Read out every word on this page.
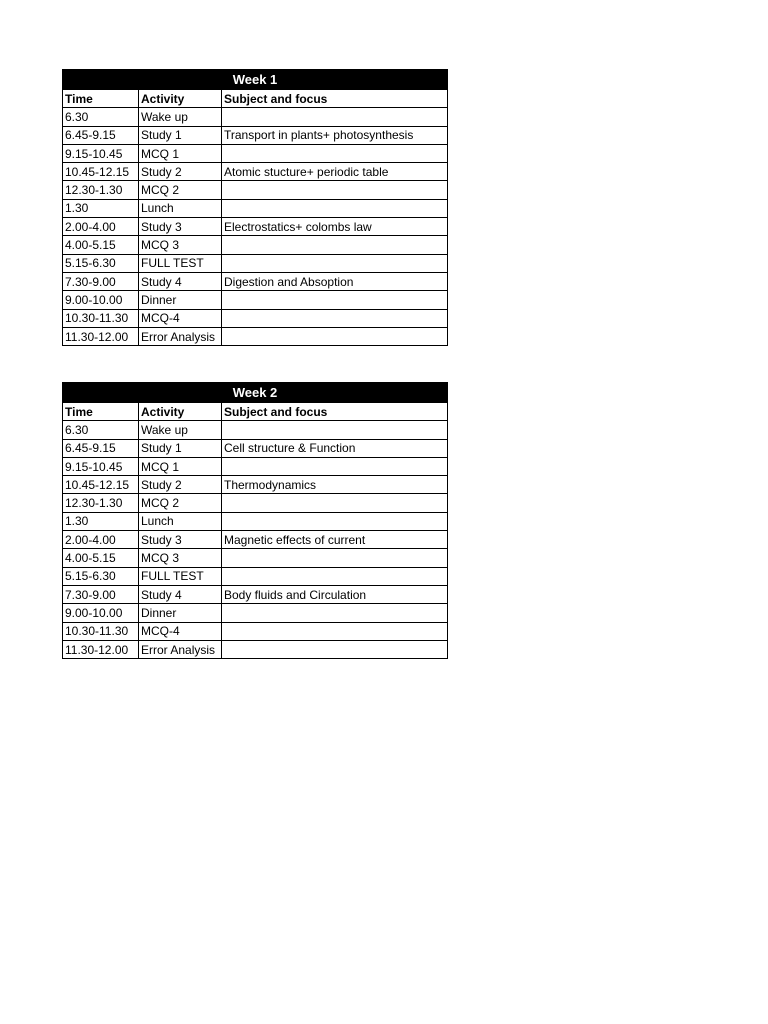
Week 1		
Time	Activity	Subject and focus
6.30	Wake up	
6.45-9.15	Study 1	Transport in plants+ photosynthesis
9.15-10.45	MCQ 1	
10.45-12.15	Study 2	Atomic stucture+ periodic table
12.30-1.30	MCQ 2	
1.30	Lunch	
2.00-4.00	Study 3	Electrostatics+ colombs law
4.00-5.15	MCQ 3	
5.15-6.30	FULL TEST	
7.30-9.00	Study 4	Digestion and Absoption
9.00-10.00	Dinner	
10.30-11.30	MCQ-4	
11.30-12.00	Error Analysis	
Week 2		
Time	Activity	Subject and focus
6.30	Wake up	
6.45-9.15	Study 1	Cell structure & Function
9.15-10.45	MCQ 1	
10.45-12.15	Study 2	Thermodynamics
12.30-1.30	MCQ 2	
1.30	Lunch	
2.00-4.00	Study 3	Magnetic effects of current
4.00-5.15	MCQ 3	
5.15-6.30	FULL TEST	
7.30-9.00	Study 4	Body fluids and Circulation
9.00-10.00	Dinner	
10.30-11.30	MCQ-4	
11.30-12.00	Error Analysis	
